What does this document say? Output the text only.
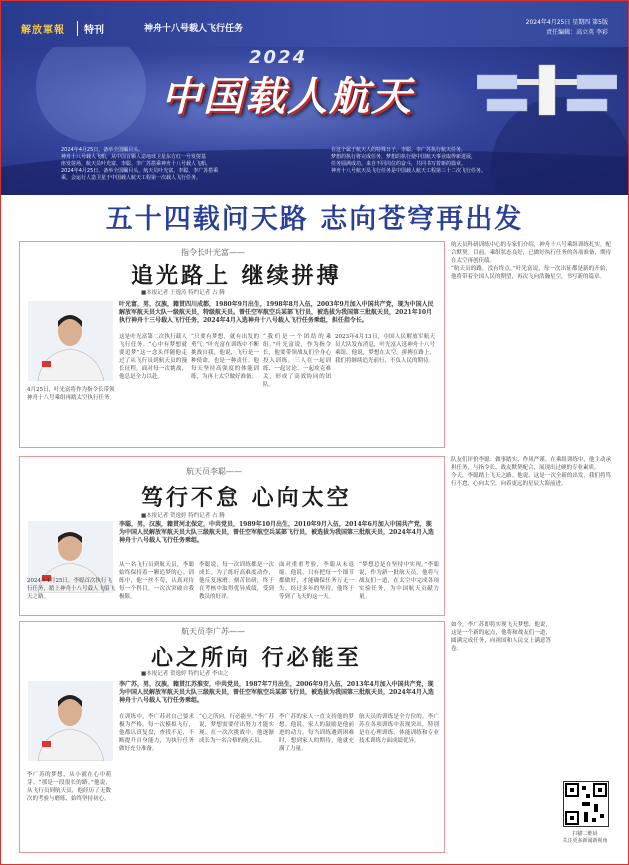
解放軍報	特刊	神舟十八号载人飞行任务
2024年4月25日 星期四 第5版
责任编辑：高立英 李彩
2024
中国载人航天
2024年4月25日，备举全国瞩目头。
神舟十八号载人飞船，从中国首颗人造地球卫星东方红一号发射基
座发射场，航天员叶光富、李聪、李广苏搭乘神舟十八号载人飞船，
2024年4月25日，备举全国瞩目头，航天员叶光富、李聪、李广苏搭乘
乘，会运行人造卫星于中国载人航天工程第一次载人飞行任务。
在这个属于航天人的特殊日子，李聪、李广苏执行航天任务，
梦想的执行将完成任务，梦想的执行使中国航天事业取得新进展，
任务圆满成功。来自不同岗位的奋斗，共同书写着新的篇章。
神舟十八号航天员飞行任务是中国载人航天工程第三十二次飞行任务。
五十四载问天路 志向苍穹再出发
指令长叶光富——
追光路上 继续拼搏
■本报记者 王逸涛 特约记者 占 腾
叶光富，男，汉族，籍贯四川成都，1980年9月出生，1998年8月入伍，2003年9月加入中国共产党，现为中国人民解放军航天员大队一级航天员，特级航天员。曾任空军航空兵某部飞行员，被选拔为我国第三批航天员，2021年10月执行神舟十三号载人飞行任务，2024年4月入选神舟十八号载人飞行任务乘组，担任指令长。
4月25日，叶光富将作为指令长带领神舟十八号乘组再踏太空执行任务。
这是叶光富第二次执行载人飞行任务。“心中有梦想就要追梦”这一念头伴随他走过了从飞行员到航天员的漫长征程。面对每一次挑战，他总是全力以赴。
“只要有梦想，就有出发的勇气。”叶光富在训练中不断挑战自我，他说，飞行是一种使命，也是一种责任。他每天坚持高强度的体能训练，为再上太空做好准备。
“我们是一个团结的乘组。”叶光富说，作为指令长，他要带领战友们全身心投入训练。三人在一起训练、一起讨论、一起攻克难关，形成了高效协同的团队。
2023年4月13日，中国人民解放军航天员大队发布消息，叶光富入选神舟十八号乘组。他说，梦想在太空，拼搏在路上，我们将继续追光前行，不负人民的期待。
航天员科研训练中心的专家们介绍，神舟十八号乘组训练扎实，配合默契。目前，乘组状态良好，已做好执行任务的各项准备，期待在太空再创佳绩。
“航天员的路，没有终点。”叶光富说，每一次出征都是新的开始，他将带着全国人民的期望，再次飞向浩瀚星空，书写新的篇章。
航天员李聪——
笃行不怠 心向太空
■本报记者 贺逸婷 特约记者 占 腾
李聪，男，汉族，籍贯河北保定，中共党员，1989年10月出生，2010年9月入伍，2014年6月加入中国共产党，现为中国人民解放军航天员大队三级航天员，曾任空军航空兵某部飞行员，被选拔为我国第三批航天员，2024年4月入选神舟十八号载人飞行任务乘组。
2024年4月25日，李聪首次执行飞行任务，踏上神舟十八号载人飞船飞天之路。
从一名飞行员到航天员，李聪始终保持着一颗追梦的心。训练中，他一丝不苟，认真对待每一个科目，一次次突破自我极限。
李聪说，每一次训练都是一次成长。为了练好高难度动作，他反复琢磨、刻苦钻研，终于在考核中取得优异成绩，受到教员的好评。
面对重重考验，李聪从未退缩。他说，只有把每一个细节都做好，才能确保任务万无一失。经过多年的坚持，他终于等到了飞天的这一天。
“梦想总是在坚持中实现。”李聪说，作为新一批航天员，他将与战友们一道，在太空中完成各项实验任务，为中国航天贡献力量。
队友们评价李聪：做事踏实、作风严谨。在乘组训练中，他主动承担任务，与指令长、战友默契配合，展现出过硬的专业素质。
今天，李聪踏上飞天之路。他说，这是一次全新的出发，我们将笃行不怠，心向太空，向着更远的星辰大海前进。
航天员李广苏——
心之所向 行必能至
■本报记者 贺逸婷 特约记者 李由之
李广苏，男，汉族，籍贯江苏淮安，中共党员，1987年7月出生，2006年9月入伍，2013年4月加入中国共产党，现为中国人民解放军航天员大队三级航天员，曾任空军航空兵某部飞行员，被选拔为我国第三批航天员，2024年4月入选神舟十八号载人飞行任务乘组。
李广苏的梦想，从小就在心中萌芽。“那是一段很长的路。”他说，从飞行员到航天员，他经历了无数次的考验与磨练，始终坚持初心。
在训练中，李广苏对自己要求极为严格。每一次模拟飞行，他都认真复盘，查找不足，不断提升自身能力，为执行任务做好充分准备。
“心之所向，行必能至。”李广苏说，梦想需要付出努力才能实现。在一次次挑战中，他逐渐成长为一名合格的航天员。
李广苏的家人一直支持他的梦想。他说，家人的鼓励是他前进的动力。每当训练遇到困难时，想到家人的期待，他就充满了力量。
航天员的训练是全方位的。李广苏在各项训练中表现突出，特别是在心理训练、体能训练和专业技术训练方面成绩优异。
如今，李广苏即将实现飞天梦想。他说，这是一个新的起点，他将和战友们一道，圆满完成任务，向祖国和人民交上满意答卷。
扫描二维码
关注更多新闻新视角
